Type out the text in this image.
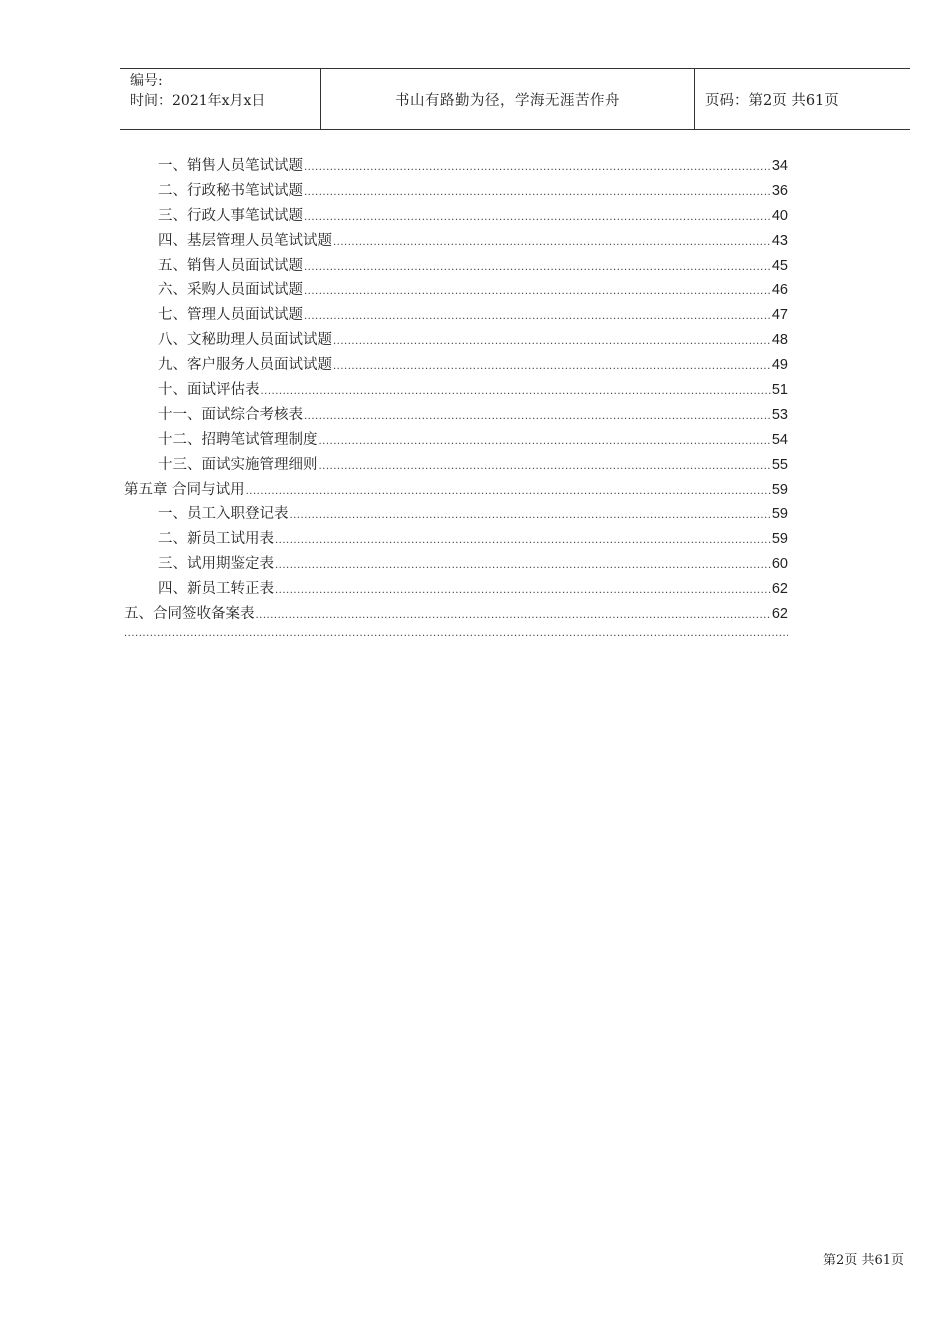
编号:
时间：2021年x月x日	书山有路勤为径，学海无涯苦作舟	页码：第2页 共61页
一、销售人员笔试试题 .....	34
二、行政秘书笔试试题 .....	36
三、行政人事笔试试题 .....	40
四、基层管理人员笔试试题 .....	43
五、销售人员面试试题 .....	45
六、采购人员面试试题 .....	46
七、管理人员面试试题 .....	47
八、文秘助理人员面试试题 .....	48
九、客户服务人员面试试题 .....	49
十、面试评估表 .....	51
十一、面试综合考核表 .....	53
十二、招聘笔试管理制度 .....	54
十三、面试实施管理细则 .....	55
第五章 合同与试用 .....	59
一、员工入职登记表 .....	59
二、新员工试用表 .....	59
三、试用期鉴定表 .....	60
四、新员工转正表 .....	62
五、合同签收备案表 .....	62
.....
第2页 共61页
